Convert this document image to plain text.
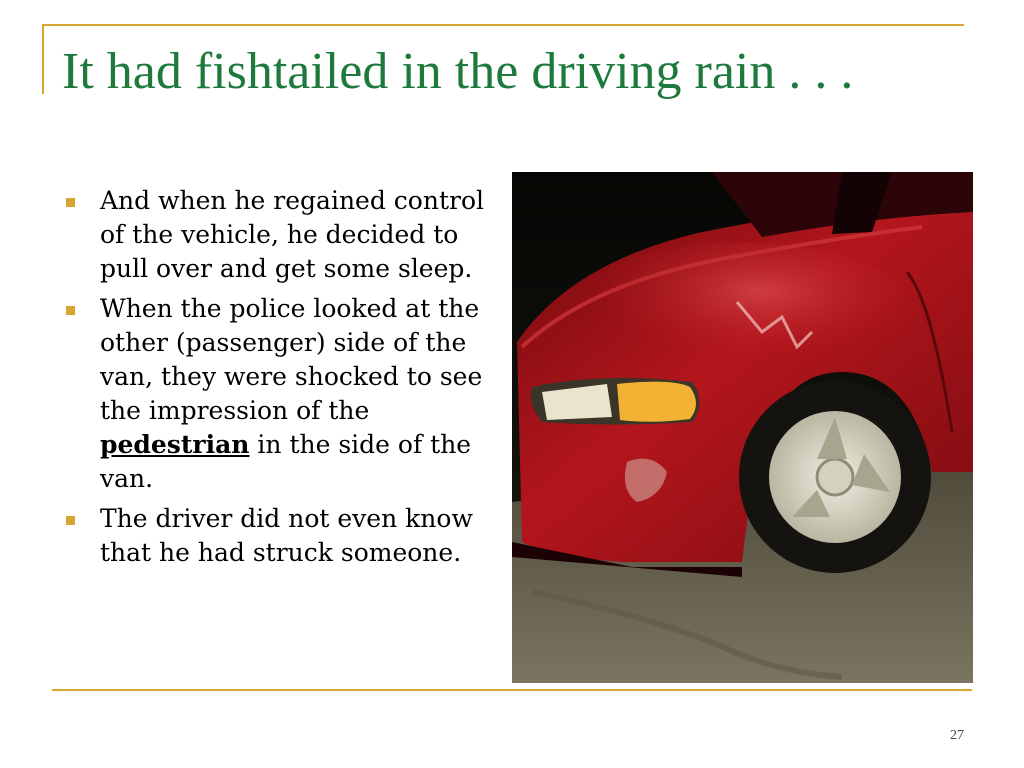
It had fishtailed in the driving rain . . .
And when he regained control of the vehicle, he decided to pull over and get some sleep.
When the police looked at the other (passenger) side of the van, they were shocked to see the impression of the pedestrian in the side of the van.
The driver did not even know that he had struck someone.
27
